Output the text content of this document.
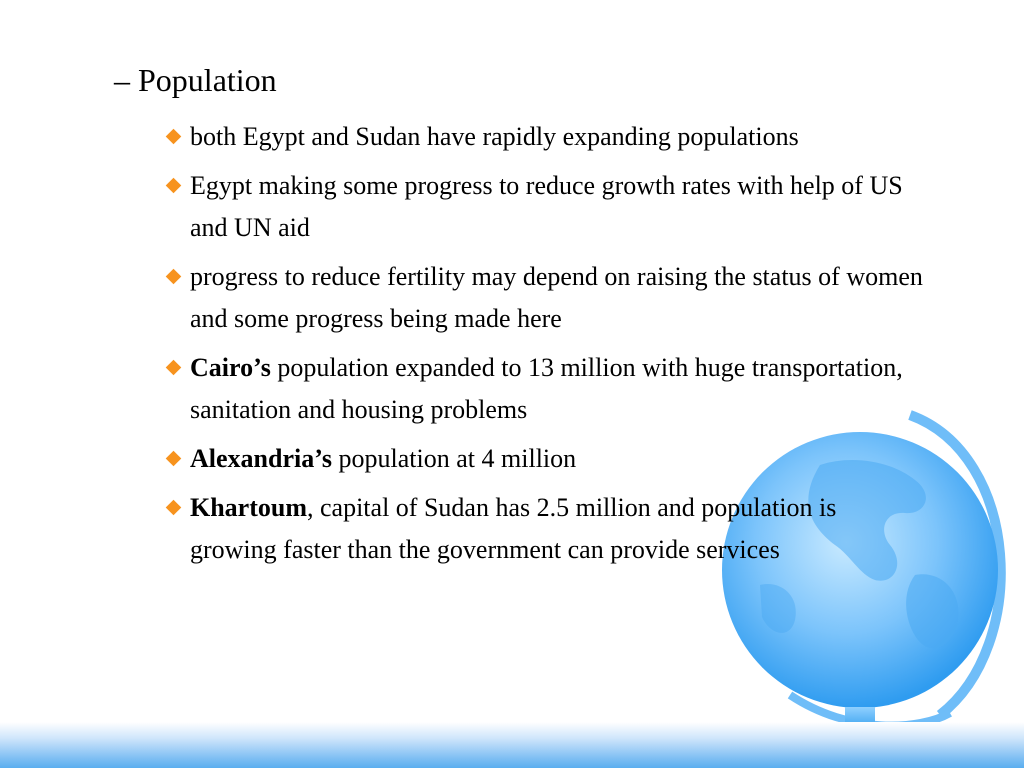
– Population
both Egypt and Sudan have rapidly expanding populations
Egypt making some progress to reduce growth rates with help of US and UN aid
progress to reduce fertility may depend on raising the status of women and some progress being made here
Cairo’s population expanded to 13 million with huge transportation, sanitation and housing problems
Alexandria’s population at 4 million
Khartoum, capital of Sudan has 2.5 million and population is growing faster than the government can provide services
